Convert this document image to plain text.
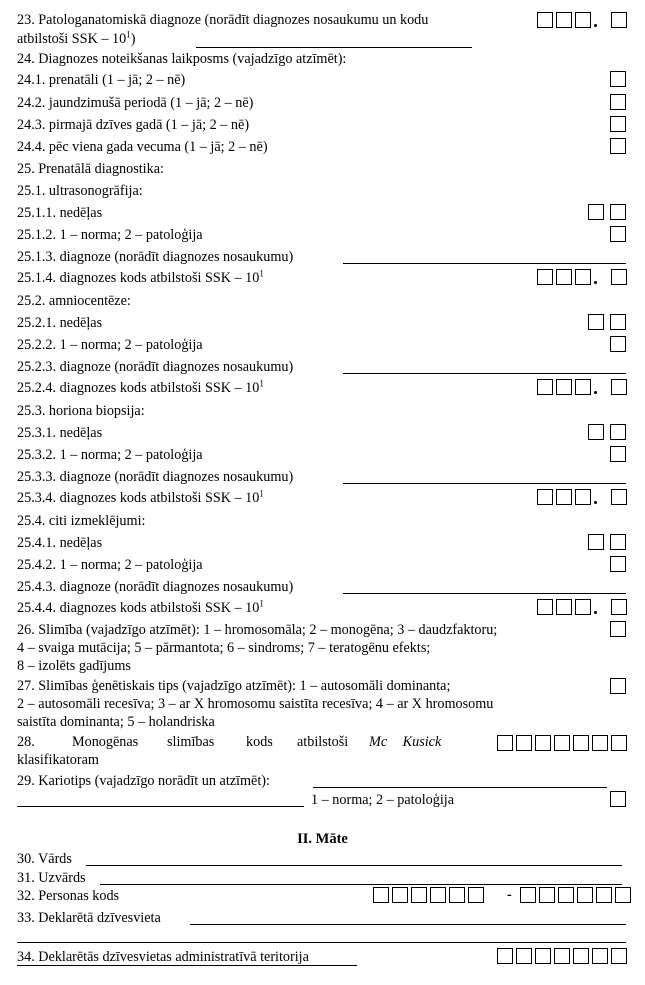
23. Patologanatomiskā diagnoze (norādīt diagnozes nosaukumu un kodu
atbilstoši SSK – $10^1$)
24. Diagnozes noteikšanas laikposms (vajadzīgo atzīmēt):
24.1. prenatāli (1 – jā; 2 – nē)
24.2. jaundzimušā periodā (1 – jā; 2 – nē)
24.3. pirmajā dzīves gadā (1 – jā; 2 – nē)
24.4. pēc viena gada vecuma (1 – jā; 2 – nē)
25. Prenatālā diagnostika:
25.1. ultrasonogrāfija:
25.1.1. nedēļas
25.1.2. 1 – norma; 2 – patoloģija
25.1.3. diagnoze (norādīt diagnozes nosaukumu)
25.1.4. diagnozes kods atbilstoši SSK – $10^1$
25.2. amniocentēze:
25.2.1. nedēļas
25.2.2. 1 – norma; 2 – patoloģija
25.2.3. diagnoze (norādīt diagnozes nosaukumu)
25.2.4. diagnozes kods atbilstoši SSK – $10^1$
25.3. horiona biopsija:
25.3.1. nedēļas
25.3.2. 1 – norma; 2 – patoloģija
25.3.3. diagnoze (norādīt diagnozes nosaukumu)
25.3.4. diagnozes kods atbilstoši SSK – $10^1$
25.4. citi izmeklējumi:
25.4.1. nedēļas
25.4.2. 1 – norma; 2 – patoloģija
25.4.3. diagnoze (norādīt diagnozes nosaukumu)
25.4.4. diagnozes kods atbilstoši SSK – $10^1$
26. Slimība (vajadzīgo atzīmēt): 1 – hromosomāla; 2 – monogēna; 3 – daudzfaktoru;
4 – svaiga mutācija; 5 – pārmantota; 6 – sindroms; 7 – teratogēnu efekts;
8 – izolēts gadījums
27. Slimības ģenētiskais tips (vajadzīgo atzīmēt): 1 – autosomāli dominanta;
2 – autosomāli recesīva; 3 – ar X hromosomu saistīta recesīva; 4 – ar X hromosomu
saistīta dominanta; 5 – holandriska
28.	Monogēnas slimības kods atbilstoši Mc Kusick
klasifikatoram
29. Kariotips (vajadzīgo norādīt un atzīmēt):
1 – norma; 2 – patoloģija
II. Māte
30. Vārds
31. Uzvārds
32. Personas kods	-
33. Deklarētā dzīvesvieta
34. Deklarētās dzīvesvietas administratīvā teritorija
